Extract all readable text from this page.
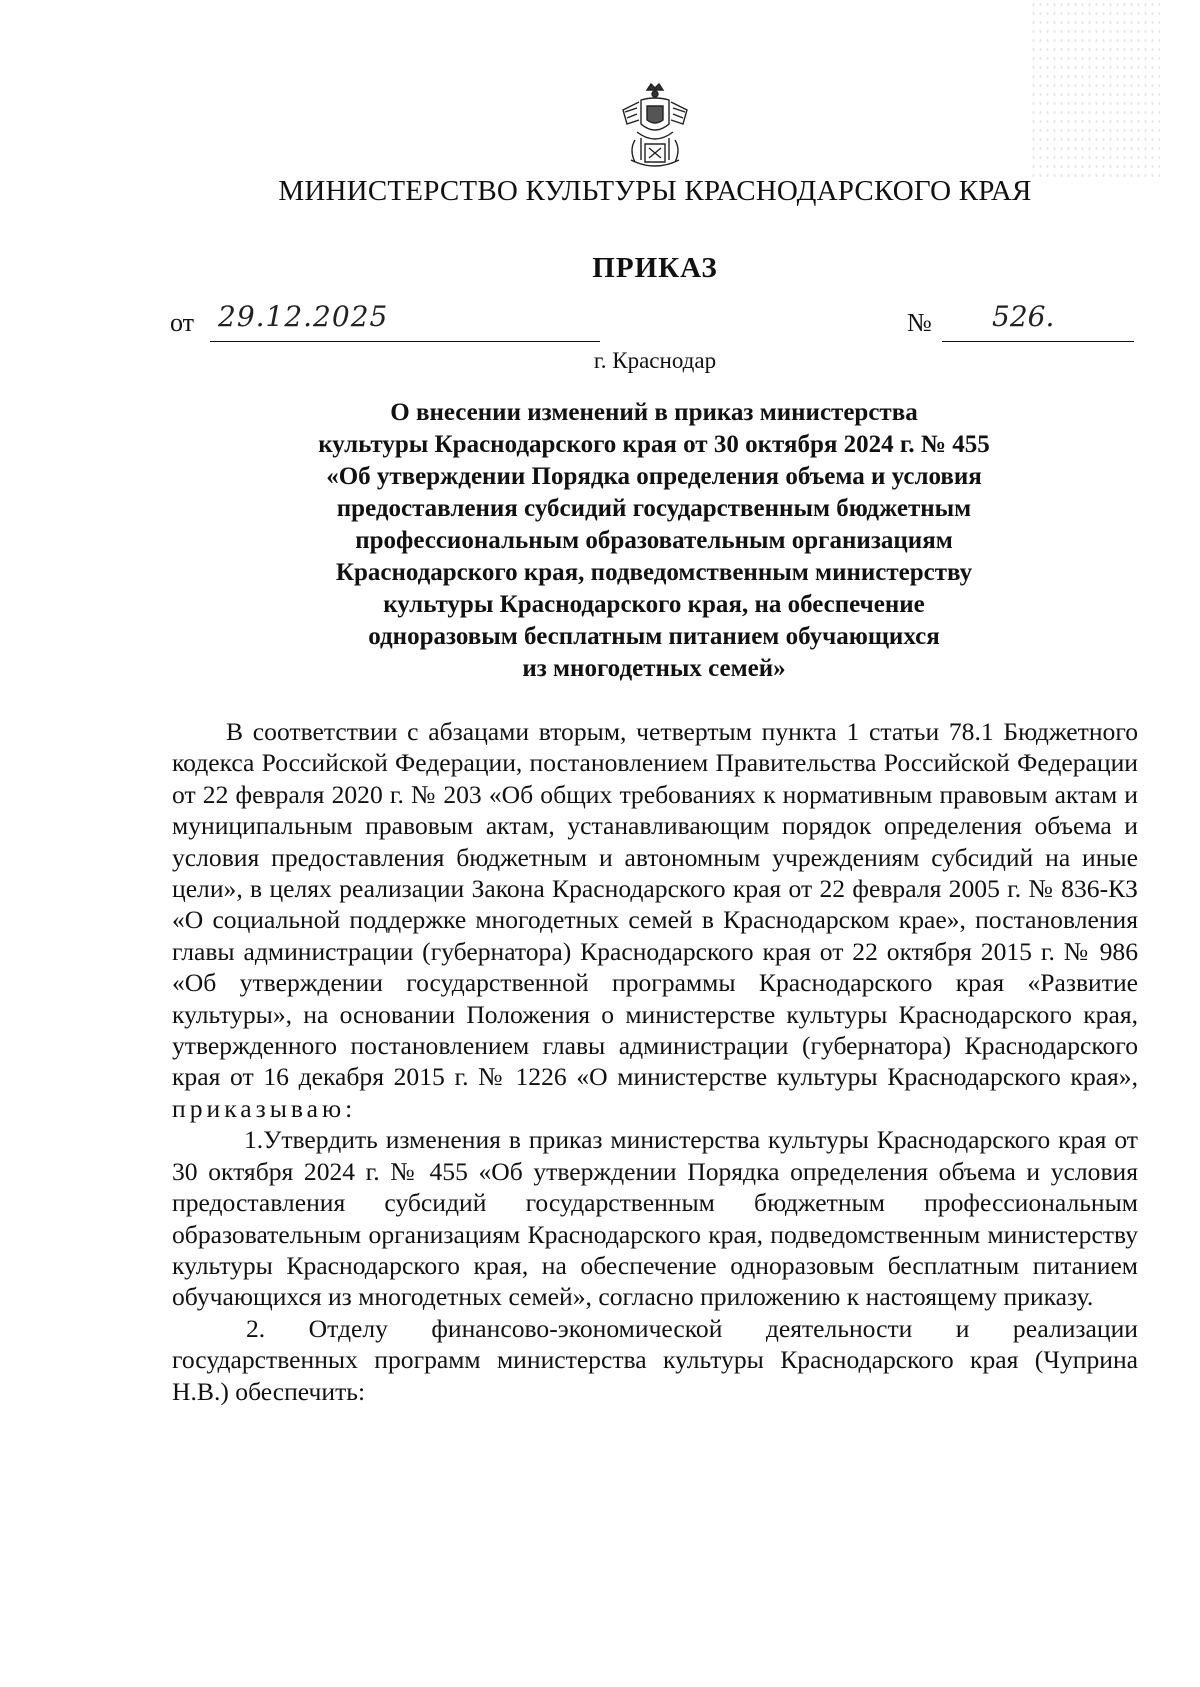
МИНИСТЕРСТВО КУЛЬТУРЫ КРАСНОДАРСКОГО КРАЯ
ПРИКАЗ
от 29.12.2025	№ 526.
г. Краснодар
О внесении изменений в приказ министерства
культуры Краснодарского края от 30 октября 2024 г. № 455
«Об утверждении Порядка определения объема и условия
предоставления субсидий государственным бюджетным
профессиональным образовательным организациям
Краснодарского края, подведомственным министерству
культуры Краснодарского края, на обеспечение
одноразовым бесплатным питанием обучающихся
из многодетных семей»

В соответствии с абзацами вторым, четвертым пункта 1 статьи 78.1 Бюджетного кодекса Российской Федерации, постановлением Правительства Российской Федерации от 22 февраля 2020 г. № 203 «Об общих требованиях к нормативным правовым актам и муниципальным правовым актам, устанавливающим порядок определения объема и условия предоставления бюджетным и автономным учреждениям субсидий на иные цели», в целях реализации Закона Краснодарского края от 22 февраля 2005 г. № 836-КЗ «О социальной поддержке многодетных семей в Краснодарском крае», постановления главы администрации (губернатора) Краснодарского края от 22 октября 2015 г. № 986 «Об утверждении государственной программы Краснодарского края «Развитие культуры», на основании Положения о министерстве культуры Краснодарского края, утвержденного постановлением главы администрации (губернатора) Краснодарского края от 16 декабря 2015 г. № 1226 «О министерстве культуры Краснодарского края», приказываю:

1.Утвердить изменения в приказ министерства культуры Краснодарского края от 30 октября 2024 г. № 455 «Об утверждении Порядка определения объема и условия предоставления субсидий государственным бюджетным профессиональным образовательным организациям Краснодарского края, подведомственным министерству культуры Краснодарского края, на обеспечение одноразовым бесплатным питанием обучающихся из многодетных семей», согласно приложению к настоящему приказу.

2. Отделу финансово-экономической деятельности и реализации государственных программ министерства культуры Краснодарского края (Чуприна Н.В.) обеспечить:
